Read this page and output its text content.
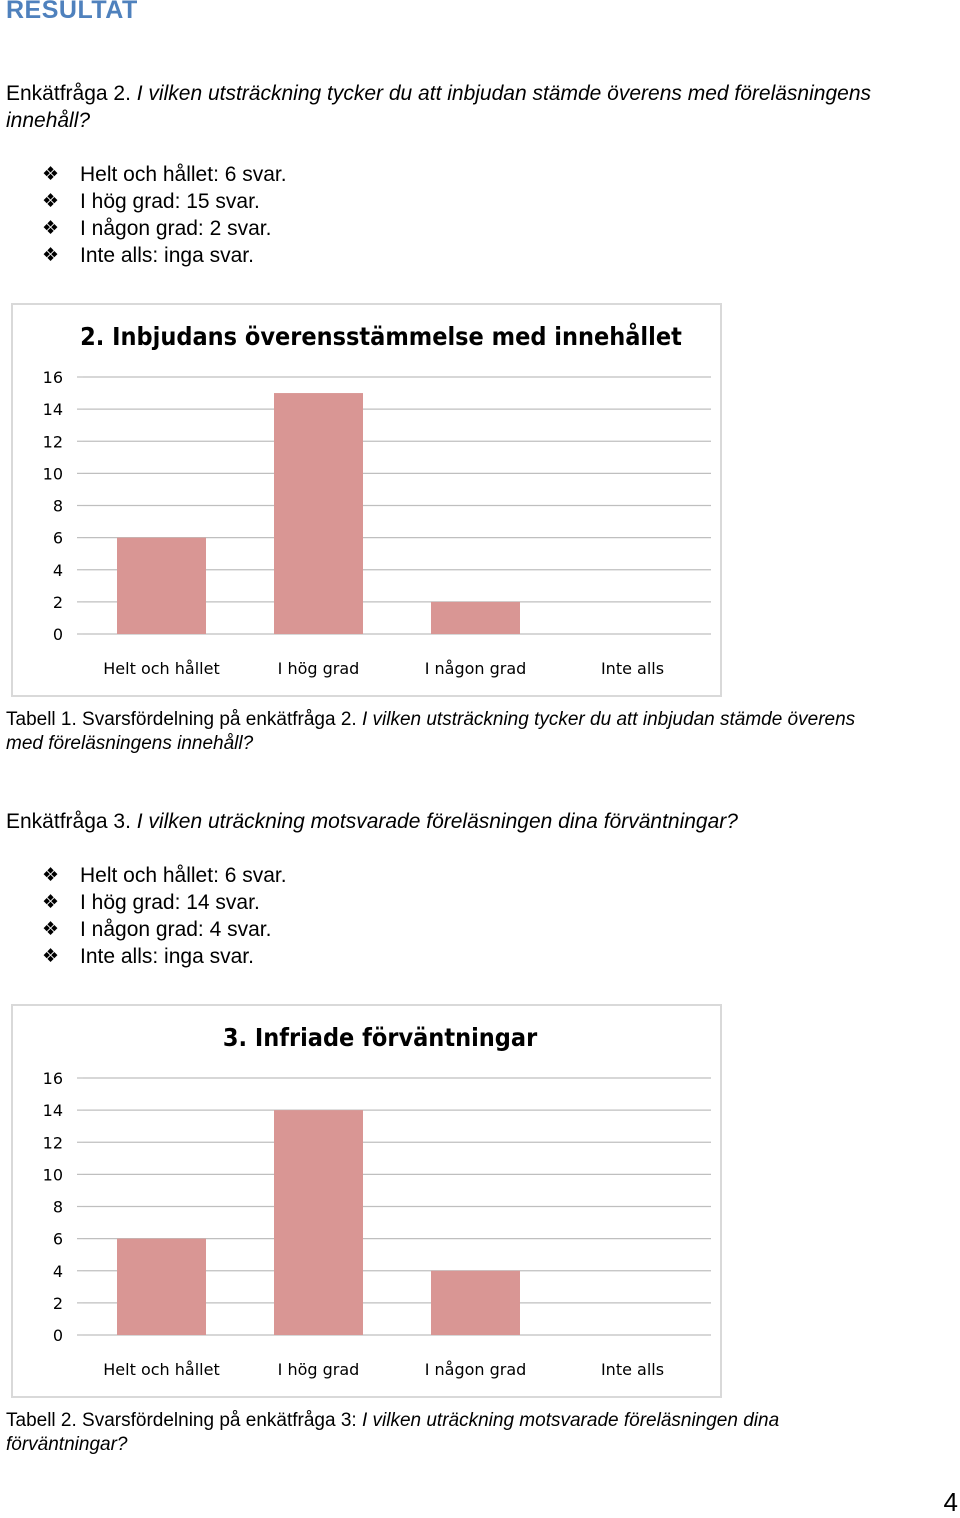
RESULTAT
Enkätfråga 2. I vilken utsträckning tycker du att inbjudan stämde överens med föreläsningens innehåll?
❖ Helt och hållet: 6 svar.
❖ I hög grad: 15 svar.
❖ I någon grad: 2 svar.
❖ Inte alls: inga svar.
2. Inbjudans överensstämmelse med innehållet
0
2
4
6
8
10
12
14
16
Helt och hållet	I hög grad	I någon grad	Inte alls
Tabell 1. Svarsfördelning på enkätfråga 2. I vilken utsträckning tycker du att inbjudan stämde överens med föreläsningens innehåll?
Enkätfråga 3. I vilken uträckning motsvarade föreläsningen dina förväntningar?
❖ Helt och hållet: 6 svar.
❖ I hög grad: 14 svar.
❖ I någon grad: 4 svar.
❖ Inte alls: inga svar.
3. Infriade förväntningar
0
2
4
6
8
10
12
14
16
Helt och hållet	I hög grad	I någon grad	Inte alls
Tabell 2. Svarsfördelning på enkätfråga 3: I vilken uträckning motsvarade föreläsningen dina förväntningar?
4
